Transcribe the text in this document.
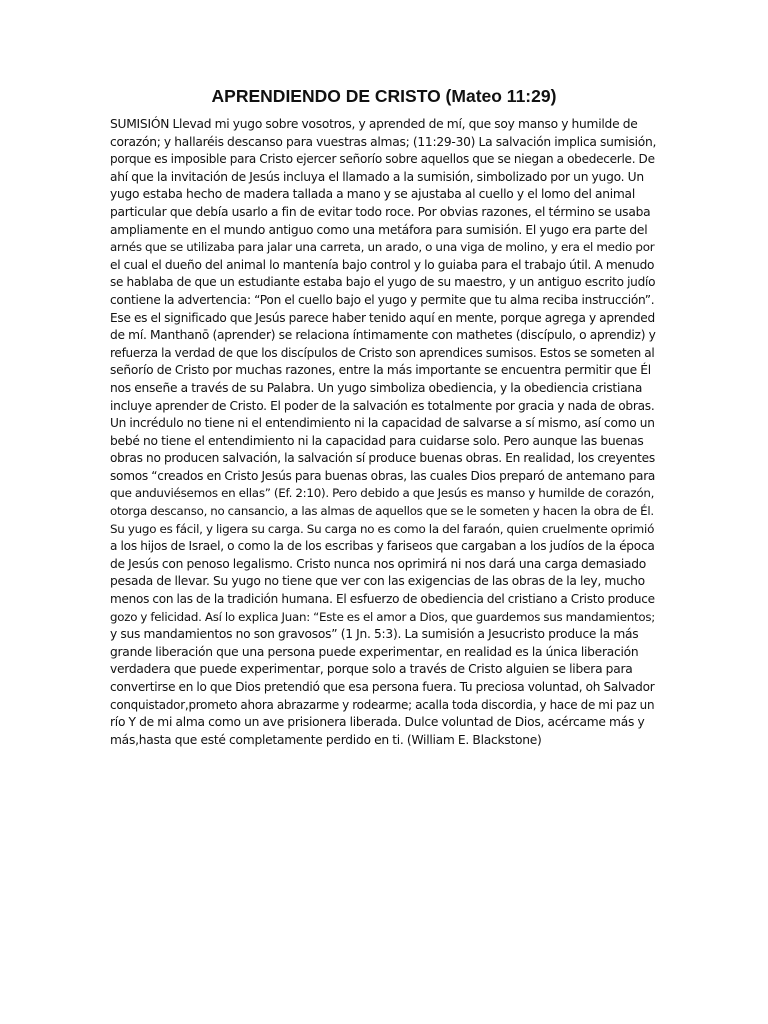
APRENDIENDO DE CRISTO (Mateo 11:29)
SUMISIÓN Llevad mi yugo sobre vosotros, y aprended de mí, que soy manso y humilde de
corazón; y hallaréis descanso para vuestras almas; (11:29-30) La salvación implica sumisión,
porque es imposible para Cristo ejercer señorío sobre aquellos que se niegan a obedecerle. De
ahí que la invitación de Jesús incluya el llamado a la sumisión, simbolizado por un yugo. Un
yugo estaba hecho de madera tallada a mano y se ajustaba al cuello y el lomo del animal
particular que debía usarlo a fin de evitar todo roce. Por obvias razones, el término se usaba
ampliamente en el mundo antiguo como una metáfora para sumisión. El yugo era parte del
arnés que se utilizaba para jalar una carreta, un arado, o una viga de molino, y era el medio por
el cual el dueño del animal lo mantenía bajo control y lo guiaba para el trabajo útil. A menudo
se hablaba de que un estudiante estaba bajo el yugo de su maestro, y un antiguo escrito judío
contiene la advertencia: “Pon el cuello bajo el yugo y permite que tu alma reciba instrucción”.
Ese es el significado que Jesús parece haber tenido aquí en mente, porque agrega y aprended
de mí. Manthanō (aprender) se relaciona íntimamente con mathetes (discípulo, o aprendiz) y
refuerza la verdad de que los discípulos de Cristo son aprendices sumisos. Estos se someten al
señorío de Cristo por muchas razones, entre la más importante se encuentra permitir que Él
nos enseñe a través de su Palabra. Un yugo simboliza obediencia, y la obediencia cristiana
incluye aprender de Cristo. El poder de la salvación es totalmente por gracia y nada de obras.
Un incrédulo no tiene ni el entendimiento ni la capacidad de salvarse a sí mismo, así como un
bebé no tiene el entendimiento ni la capacidad para cuidarse solo. Pero aunque las buenas
obras no producen salvación, la salvación sí produce buenas obras. En realidad, los creyentes
somos “creados en Cristo Jesús para buenas obras, las cuales Dios preparó de antemano para
que anduviésemos en ellas” (Ef. 2:10). Pero debido a que Jesús es manso y humilde de corazón,
otorga descanso, no cansancio, a las almas de aquellos que se le someten y hacen la obra de Él.
Su yugo es fácil, y ligera su carga. Su carga no es como la del faraón, quien cruelmente oprimió
a los hijos de Israel, o como la de los escribas y fariseos que cargaban a los judíos de la época
de Jesús con penoso legalismo. Cristo nunca nos oprimirá ni nos dará una carga demasiado
pesada de llevar. Su yugo no tiene que ver con las exigencias de las obras de la ley, mucho
menos con las de la tradición humana. El esfuerzo de obediencia del cristiano a Cristo produce
gozo y felicidad. Así lo explica Juan: “Este es el amor a Dios, que guardemos sus mandamientos;
y sus mandamientos no son gravosos” (1 Jn. 5:3). La sumisión a Jesucristo produce la más
grande liberación que una persona puede experimentar, en realidad es la única liberación
verdadera que puede experimentar, porque solo a través de Cristo alguien se libera para
convertirse en lo que Dios pretendió que esa persona fuera. Tu preciosa voluntad, oh Salvador
conquistador,prometo ahora abrazarme y rodearme; acalla toda discordia, y hace de mi paz un
río Y de mi alma como un ave prisionera liberada. Dulce voluntad de Dios, acércame más y
más,hasta que esté completamente perdido en ti. (William E. Blackstone)
